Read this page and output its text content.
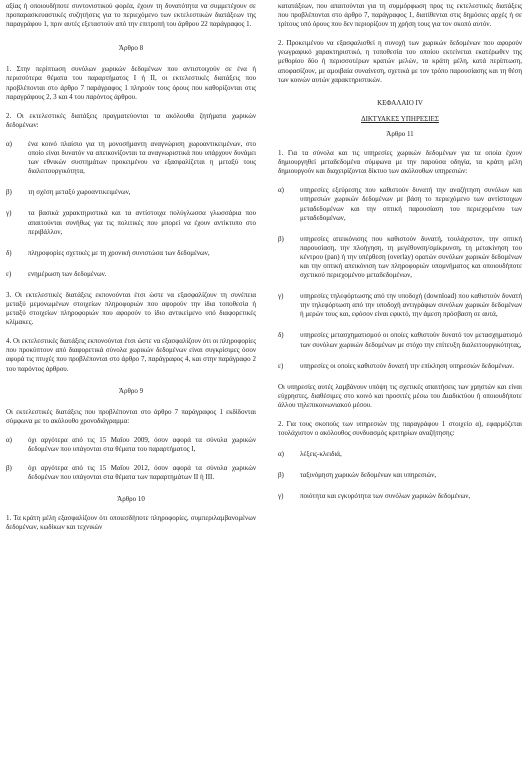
αξίας ή οποιουδήποτε συντονιστικού φορέα, έχουν τη δυνατότητα να συμμετέχουν σε προπαρασκευαστικές συζητήσεις για το περιεχόμενο των εκτελεστικών διατάξεων της παραγράφου 1, πριν αυτές εξεταστούν από την επιτροπή του άρθρου 22 παράγραφος 1.

Άρθρο 8

1. Στην περίπτωση συνόλων χωρικών δεδομένων που αντιστοιχούν σε ένα ή περισσότερα θέματα του παραρτήματος I ή II, οι εκτελεστικές διατάξεις που προβλέπονται στο άρθρο 7 παράγραφος 1 πληρούν τους όρους που καθορίζονται στις παραγράφους 2, 3 και 4 του παρόντος άρθρου.

2. Οι εκτελεστικές διατάξεις πραγματεύονται τα ακόλουθα ζητήματα χωρικών δεδομένων:

α)	ένα κοινό πλαίσιο για τη μονοσήμαντη αναγνώριση χωροαντικειμένων, στο οποίο είναι δυνατόν να απεικονίζονται τα αναγνωριστικά που υπάρχουν δυνάμει των εθνικών συστημάτων προκειμένου να εξασφαλίζεται η μεταξύ τους διαλειτουργικότητα,
β)	τη σχέση μεταξύ χωροαντικειμένων,
γ)	τα βασικά χαρακτηριστικά και τα αντίστοιχα πολύγλωσσα γλωσσάρια που απαιτούνται συνήθως για τις πολιτικές που μπορεί να έχουν αντίκτυπο στο περιβάλλον,
δ)	πληροφορίες σχετικές με τη χρονική συνιστώσα των δεδομένων,
ε)	ενημέρωση των δεδομένων.

3. Οι εκτελεστικές διατάξεις εκπονούνται έτσι ώστε να εξασφαλίζουν τη συνέπεια μεταξύ μεμονωμένων στοιχείων πληροφοριών που αφορούν την ίδια τοποθεσία ή μεταξύ στοιχείων πληροφοριών που αφορούν το ίδιο αντικείμενο υπό διαφορετικές κλίμακες.

4. Οι εκτελεστικές διατάξεις εκπονούνται έτσι ώστε να εξασφαλίζουν ότι οι πληροφορίες που προκύπτουν από διαφορετικά σύνολα χωρικών δεδομένων είναι συγκρίσιμες όσον αφορά τις πτυχές που προβλέπονται στο άρθρο 7, παράγραφος 4, και στην παράγραφο 2 του παρόντος άρθρου.

Άρθρο 9

Οι εκτελεστικές διατάξεις που προβλέπονται στο άρθρο 7 παράγραφος 1 εκδίδονται σύμφωνα με το ακόλουθο χρονοδιάγραμμα:

α)	όχι αργότερα από τις 15 Μαΐου 2009, όσον αφορά τα σύνολα χωρικών δεδομένων που υπάγονται στα θέματα του παραρτήματος I,
β)	όχι αργότερα από τις 15 Μαΐου 2012, όσον αφορά τα σύνολα χωρικών δεδομένων που υπάγονται στα θέματα των παραρτημάτων II ή III.

Άρθρο 10

1. Τα κράτη μέλη εξασφαλίζουν ότι οποιεσδήποτε πληροφορίες, συμπεριλαμβανομένων δεδομένων, κωδίκων και τεχνικών

κατατάξεων, που απαιτούνται για τη συμμόρφωση προς τις εκτελεστικές διατάξεις που προβλέπονται στο άρθρο 7, παράγραφος 1, διατίθενται στις δημόσιες αρχές ή σε τρίτους υπό όρους που δεν περιορίζουν τη χρήση τους για τον σκοπό αυτόν.

2. Προκειμένου να εξασφαλισθεί η συνοχή των χωρικών δεδομένων που αφορούν γεωγραφικό χαρακτηριστικό, η τοποθεσία του οποίου εκτείνεται εκατέρωθεν της μεθορίου δύο ή περισσοτέρων κρατών μελών, τα κράτη μέλη, κατά περίπτωση, αποφασίζουν, με αμοιβαία συναίνεση, σχετικά με τον τρόπο παρουσίασης και τη θέση των κοινών αυτών χαρακτηριστικών.

ΚΕΦΑΛΑΙΟ IV

ΔΙΚΤΥΑΚΕΣ ΥΠΗΡΕΣΙΕΣ

Άρθρο 11

1. Για τα σύνολα και τις υπηρεσίες χωρικών δεδομένων για τα οποία έχουν δημιουργηθεί μεταδεδομένα σύμφωνα με την παρούσα οδηγία, τα κράτη μέλη δημιουργούν και διαχειρίζονται δίκτυο των ακόλουθων υπηρεσιών:

α)	υπηρεσίες εξεύρεσης που καθιστούν δυνατή την αναζήτηση συνόλων και υπηρεσιών χωρικών δεδομένων με βάση το περιεχόμενο των αντίστοιχων μεταδεδομένων και την οπτική παρουσίαση του περιεχομένου των μεταδεδομένων,
β)	υπηρεσίες απεικόνισης που καθιστούν δυνατή, τουλάχιστον, την οπτική παρουσίαση, την πλοήγηση, τη μεγέθυνση/σμίκρυνση, τη μετακίνηση του κέντρου (pan) ή την υπέρθεση (overlay) ορατών συνόλων χωρικών δεδομένων και την οπτική απεικόνιση των πληροφοριών υπομνήματος και οποιουδήποτε σχετικού περιεχομένου μεταδεδομένων,
γ)	υπηρεσίες τηλεφόρτωσης από την υποδοχή (download) που καθιστούν δυνατή την τηλεφόρτωση από την υποδοχή αντιγράφων συνόλων χωρικών δεδομένων ή μερών τους και, εφόσον είναι εφικτό, την άμεση πρόσβαση σε αυτά,
δ)	υπηρεσίες μετασχηματισμού οι οποίες καθιστούν δυνατό τον μετασχηματισμό των συνόλων χωρικών δεδομένων με στόχο την επίτευξη διαλειτουργικότητας,
ε)	υπηρεσίες οι οποίες καθιστούν δυνατή την επίκληση υπηρεσιών δεδομένων.

Οι υπηρεσίες αυτές λαμβάνουν υπόψη τις σχετικές απαιτήσεις των χρηστών και είναι εύχρηστες, διαθέσιμες στο κοινό και προσιτές μέσω του Διαδικτύου ή οποιουδήποτε άλλου τηλεπικοινωνιακού μέσου.

2. Για τους σκοπούς των υπηρεσιών της παραγράφου 1 στοιχείο α), εφαρμόζεται τουλάχιστον ο ακόλουθος συνδυασμός κριτηρίων αναζήτησης:

α)	λέξεις-κλειδιά,
β)	ταξινόμηση χωρικών δεδομένων και υπηρεσιών,
γ)	ποιότητα και εγκυρότητα των συνόλων χωρικών δεδομένων,
